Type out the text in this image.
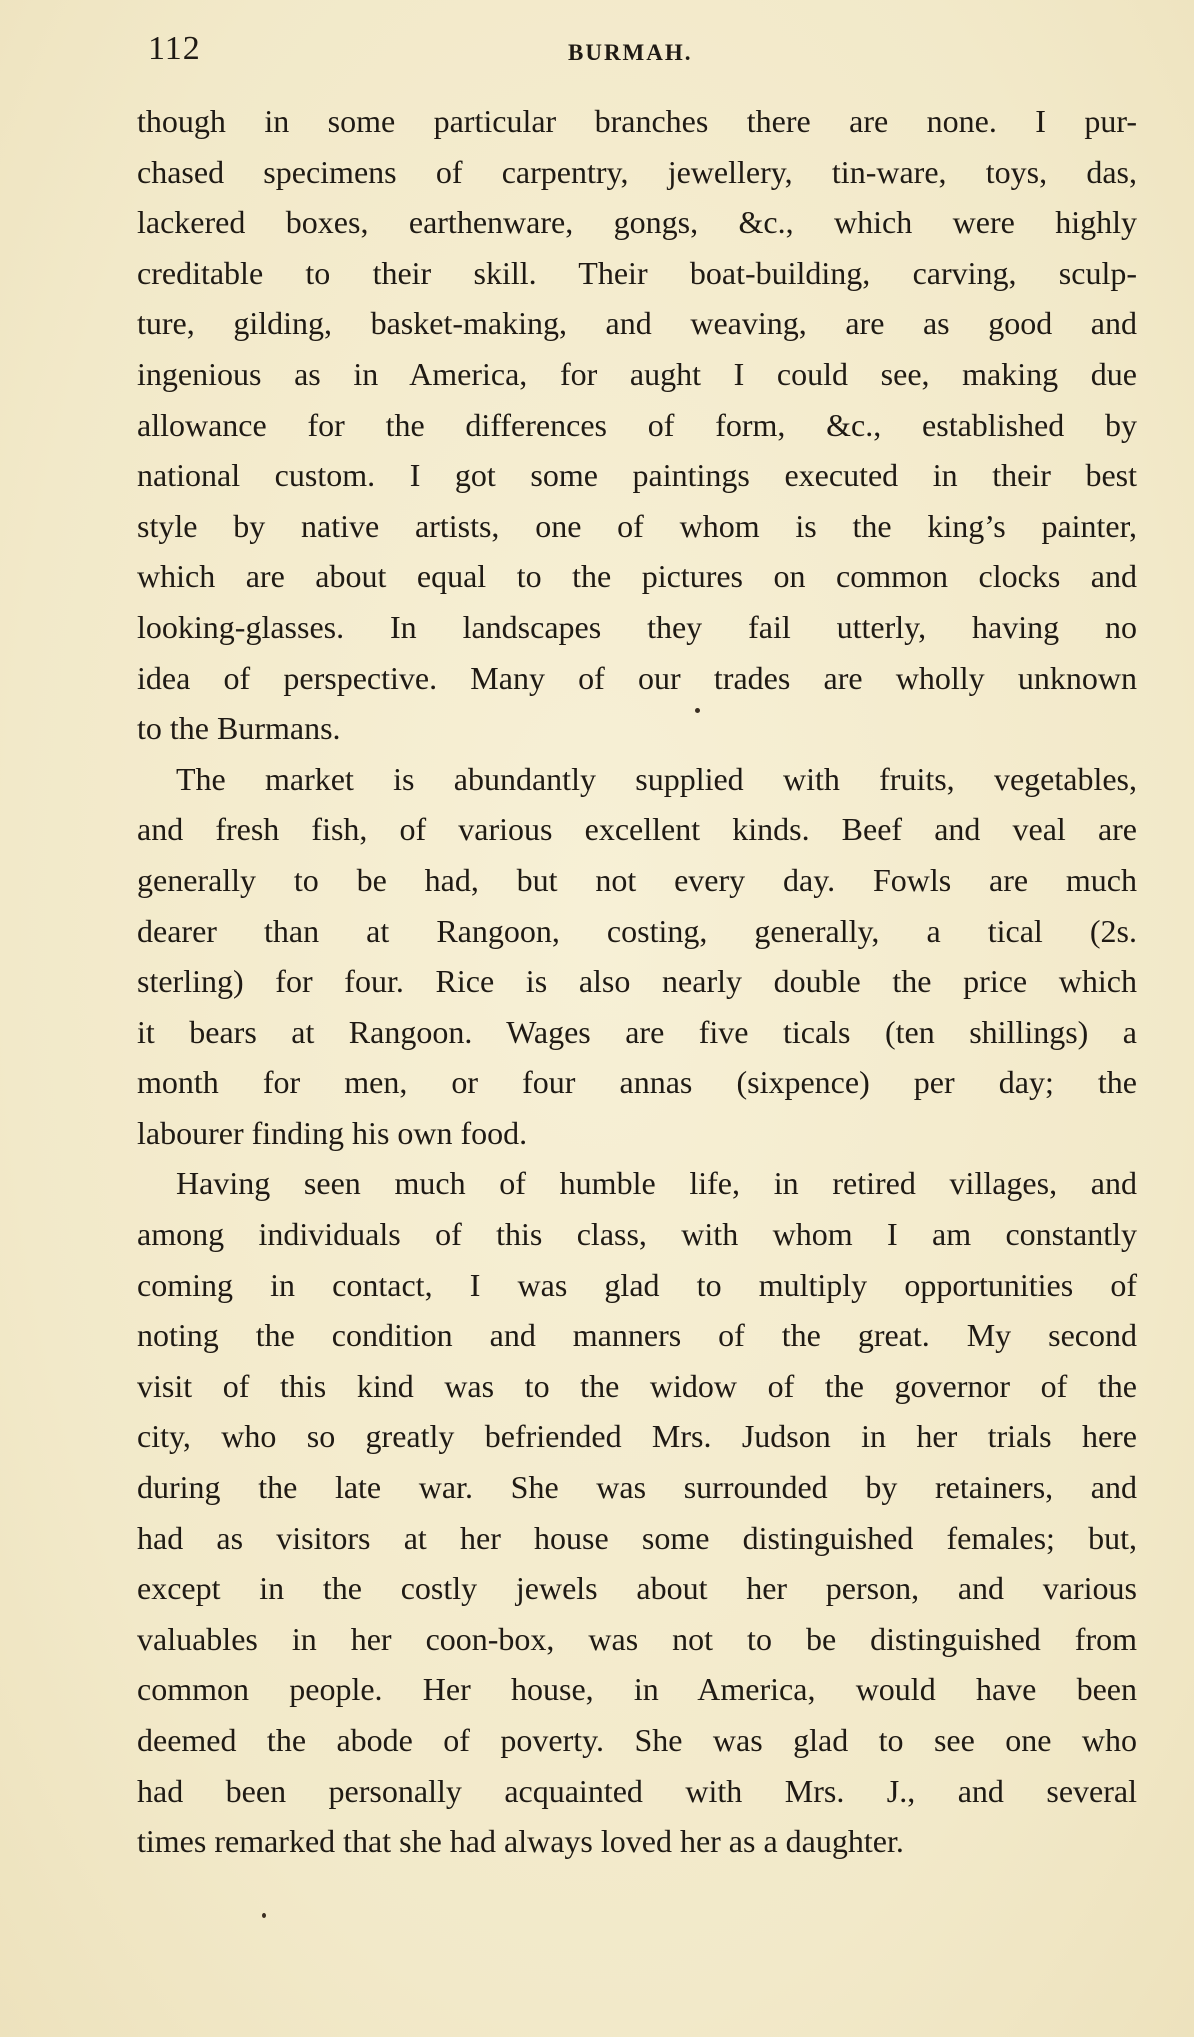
112	BURMAH.
though in some particular branches there are none. I pur-
chased specimens of carpentry, jewellery, tin-ware, toys, das,
lackered boxes, earthenware, gongs, &c., which were highly
creditable to their skill. Their boat-building, carving, sculp-
ture, gilding, basket-making, and weaving, are as good and
ingenious as in America, for aught I could see, making due
allowance for the differences of form, &c., established by
national custom. I got some paintings executed in their best
style by native artists, one of whom is the king’s painter,
which are about equal to the pictures on common clocks and
looking-glasses. In landscapes they fail utterly, having no
idea of perspective. Many of our trades are wholly unknown
to the Burmans.
The market is abundantly supplied with fruits, vegetables,
and fresh fish, of various excellent kinds. Beef and veal are
generally to be had, but not every day. Fowls are much
dearer than at Rangoon, costing, generally, a tical (2s.
sterling) for four. Rice is also nearly double the price which
it bears at Rangoon. Wages are five ticals (ten shillings) a
month for men, or four annas (sixpence) per day; the
labourer finding his own food.
Having seen much of humble life, in retired villages, and
among individuals of this class, with whom I am constantly
coming in contact, I was glad to multiply opportunities of
noting the condition and manners of the great. My second
visit of this kind was to the widow of the governor of the
city, who so greatly befriended Mrs. Judson in her trials here
during the late war. She was surrounded by retainers, and
had as visitors at her house some distinguished females; but,
except in the costly jewels about her person, and various
valuables in her coon-box, was not to be distinguished from
common people. Her house, in America, would have been
deemed the abode of poverty. She was glad to see one who
had been personally acquainted with Mrs. J., and several
times remarked that she had always loved her as a daughter.
